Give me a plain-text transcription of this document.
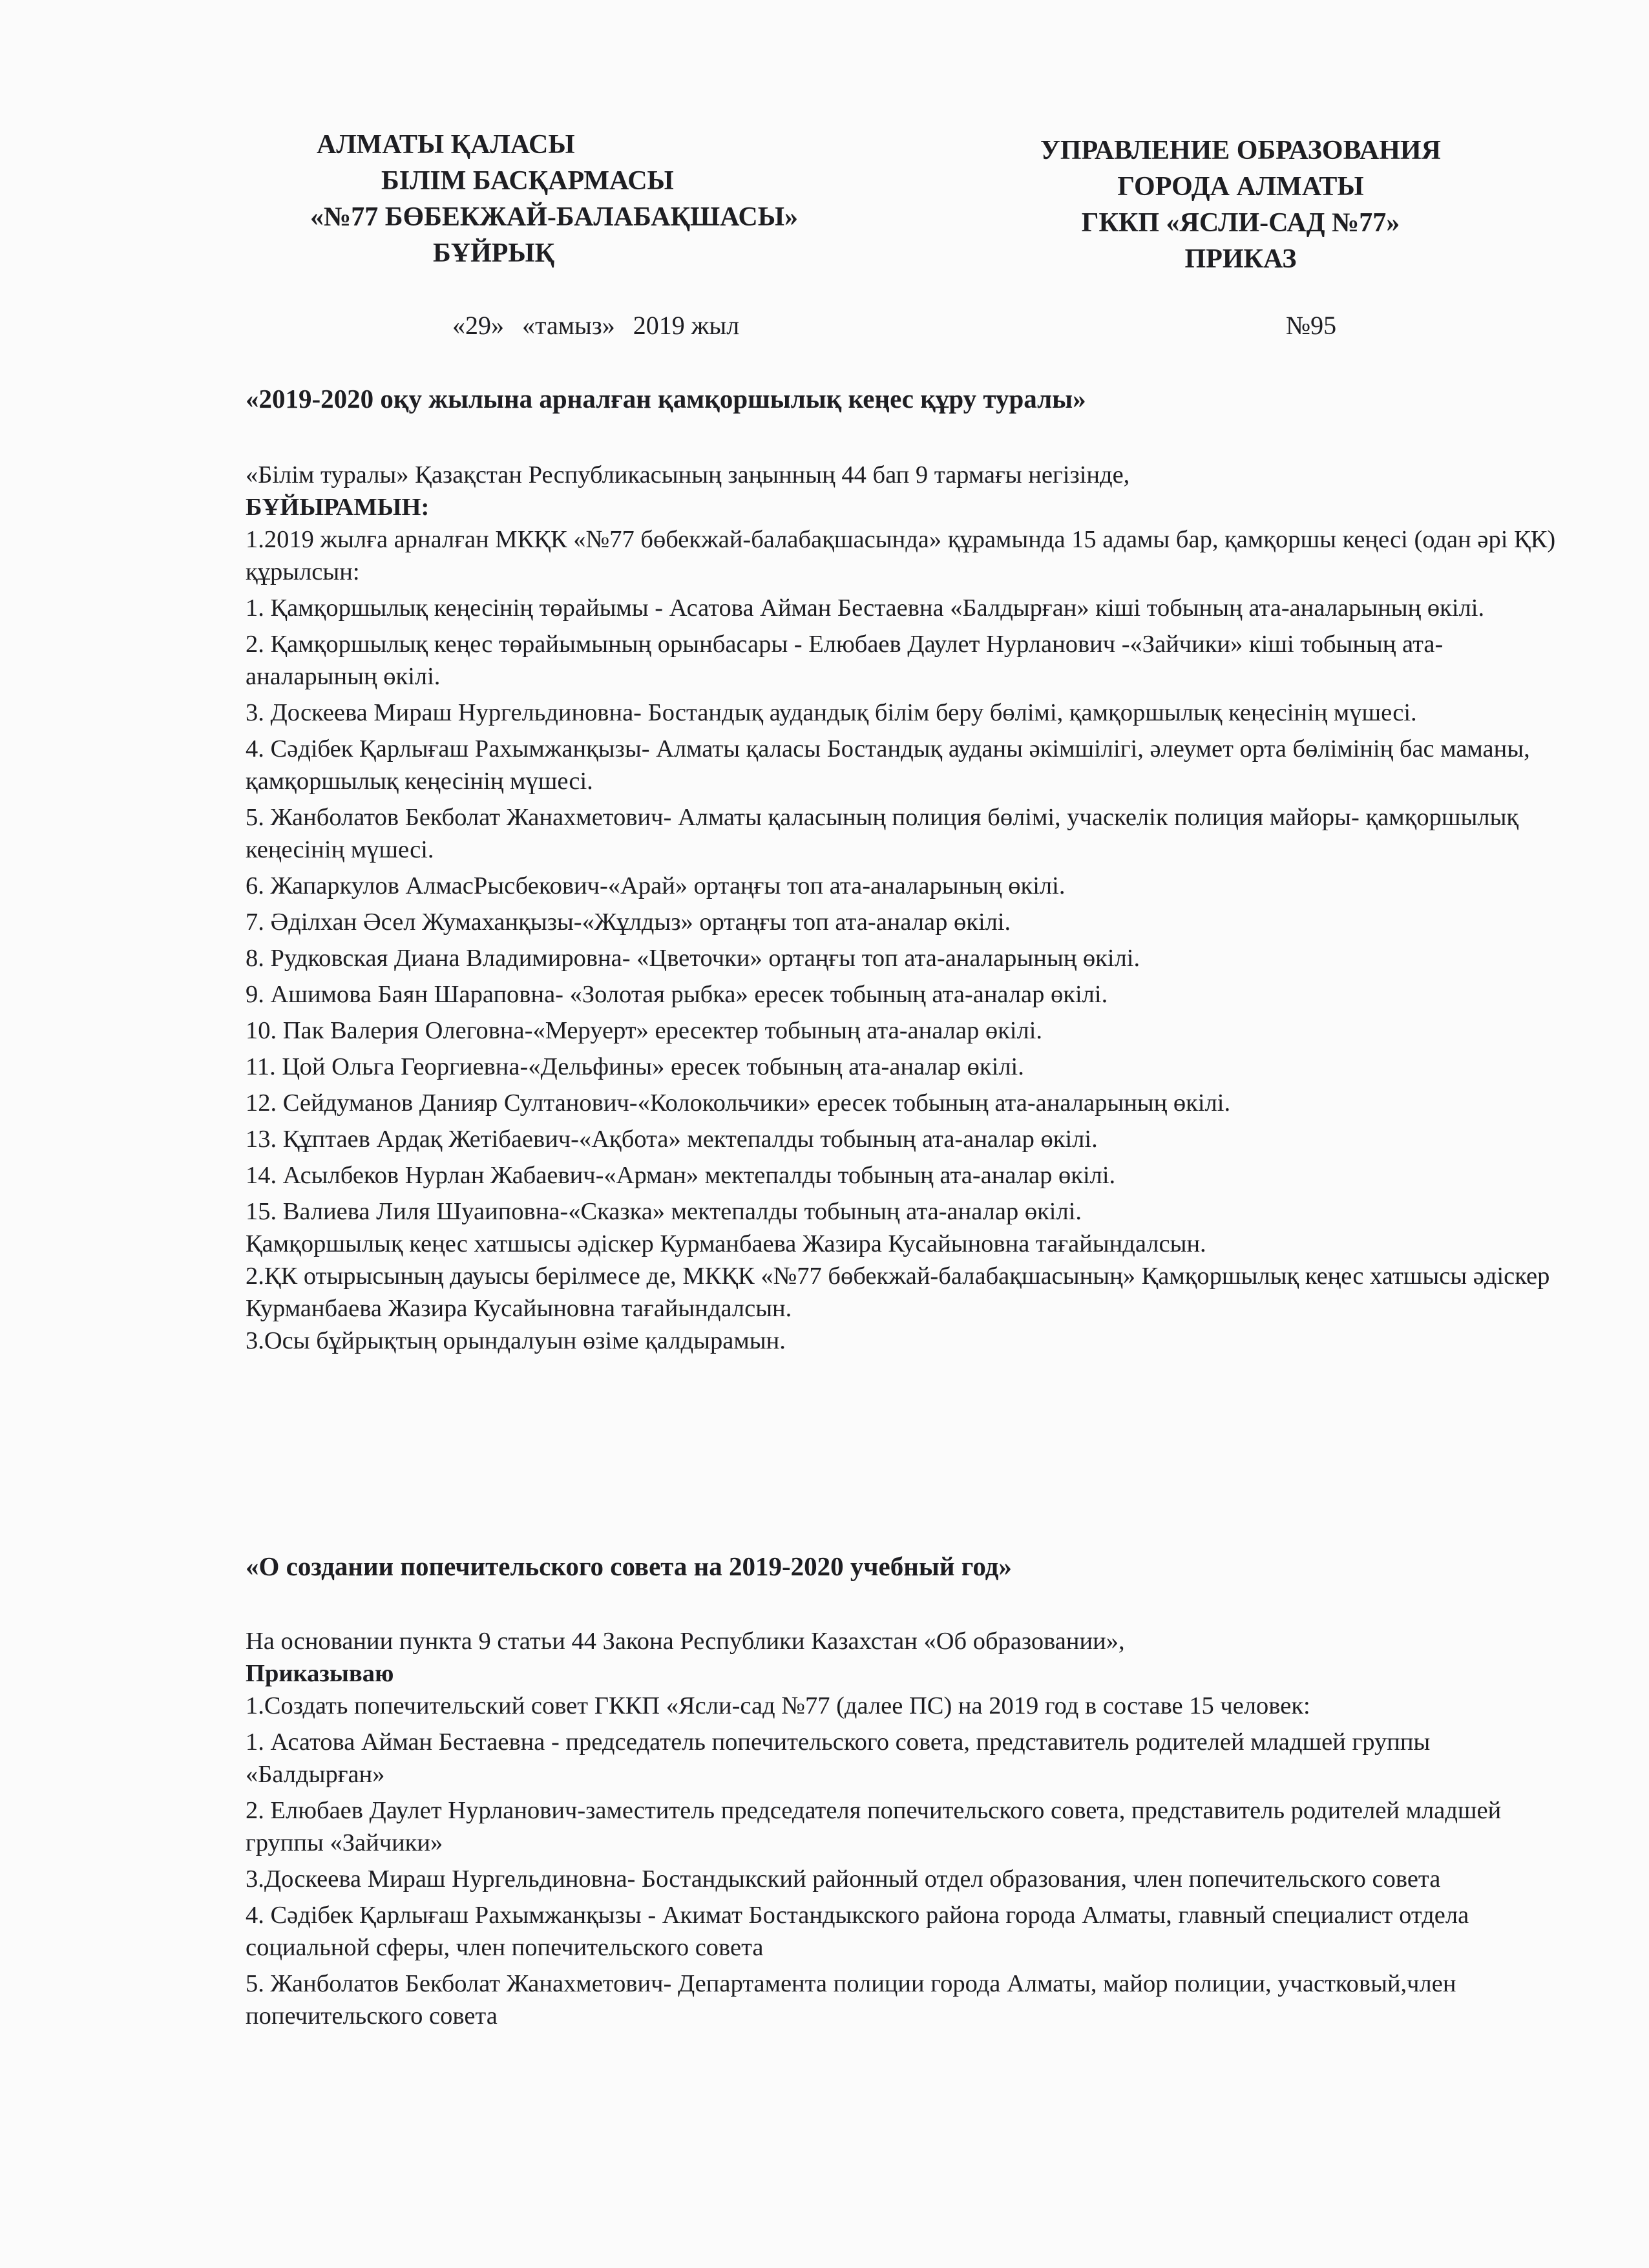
АЛМАТЫ ҚАЛАСЫ
БІЛІМ БАСҚАРМАСЫ
«№77 БӨБЕКЖАЙ-БАЛАБАҚШАСЫ»
БҰЙРЫҚ
УПРАВЛЕНИЕ ОБРАЗОВАНИЯ
ГОРОДА АЛМАТЫ
ГККП «ЯСЛИ-САД №77»
ПРИКАЗ
«29» «тамыз» 2019 жыл	№95
«2019-2020 оқу жылына арналған қамқоршылық кеңес құру туралы»

«Білім туралы» Қазақстан Республикасының заңынның 44 бап 9 тармағы негізінде,

БҰЙЫРАМЫН:

1.2019 жылға арналған МКҚК «№77 бөбекжай-балабақшасында» құрамында 15 адамы бар, қамқоршы кеңесі (одан әрі ҚК) құрылсын:

1. Қамқоршылық кеңесінің төрайымы - Асатова Айман Бестаевна «Балдырған» кіші тобының ата-аналарының өкілі.

2. Қамқоршылық кеңес төрайымының орынбасары - Елюбаев Даулет Нурланович -«Зайчики» кіші тобының ата-аналарының өкілі.

3. Доскеева Мираш Нургельдиновна- Бостандық аудандық білім беру бөлімі, қамқоршылық кеңесінің мүшесі.

4. Сәдібек Қарлығаш Рахымжанқызы- Алматы қаласы Бостандық ауданы әкімшілігі, әлеумет орта бөлімінің бас маманы, қамқоршылық кеңесінің мүшесі.

5. Жанболатов Бекболат Жанахметович- Алматы қаласының полиция бөлімі, учаскелік полиция майоры- қамқоршылық кеңесінің мүшесі.

6. Жапаркулов АлмасРысбекович-«Арай» ортаңғы топ ата-аналарының өкілі.

7. Әділхан Әсел Жумаханқызы-«Жұлдыз» ортаңғы топ ата-аналар өкілі.

8. Рудковская Диана Владимировна- «Цветочки» ортаңғы топ ата-аналарының өкілі.

9. Ашимова Баян Шараповна- «Золотая рыбка» ересек тобының ата-аналар өкілі.

10. Пак Валерия Олеговна-«Меруерт» ересектер тобының ата-аналар өкілі.

11. Цой Ольга Георгиевна-«Дельфины» ересек тобының ата-аналар өкілі.

12. Сейдуманов Данияр Султанович-«Колокольчики» ересек тобының ата-аналарының өкілі.

13. Құптаев Ардақ Жетібаевич-«Ақбота» мектепалды тобының ата-аналар өкілі.

14. Асылбеков Нурлан Жабаевич-«Арман» мектепалды тобының ата-аналар өкілі.

15. Валиева Лиля Шуаиповна-«Сказка» мектепалды тобының ата-аналар өкілі.

Қамқоршылық кеңес хатшысы әдіскер Курманбаева Жазира Кусайыновна тағайындалсын.

2.ҚК отырысының дауысы берілмесе де, МКҚК «№77 бөбекжай-балабақшасының» Қамқоршылық кеңес хатшысы әдіскер Курманбаева Жазира Кусайыновна тағайындалсын.

3.Осы бұйрықтың орындалуын өзіме қалдырамын.

«О создании попечительского совета на 2019-2020 учебный год»

На основании пункта 9 статьи 44 Закона Республики Казахстан «Об образовании»,

Приказываю

1.Создать попечительский совет ГККП «Ясли-сад №77 (далее ПС) на 2019 год в составе 15 человек:

1. Асатова Айман Бестаевна - председатель попечительского совета, представитель родителей младшей группы «Балдырған»

2. Елюбаев Даулет Нурланович-заместитель председателя попечительского совета, представитель родителей младшей группы «Зайчики»

3.Доскеева Мираш Нургельдиновна- Бостандыкский районный отдел образования, член попечительского совета

4. Сәдібек Қарлығаш Рахымжанқызы - Акимат Бостандыкского района города Алматы, главный специалист отдела социальной сферы, член попечительского совета

5. Жанболатов Бекболат Жанахметович- Департамента полиции города Алматы, майор полиции, участковый,член попечительского совета
